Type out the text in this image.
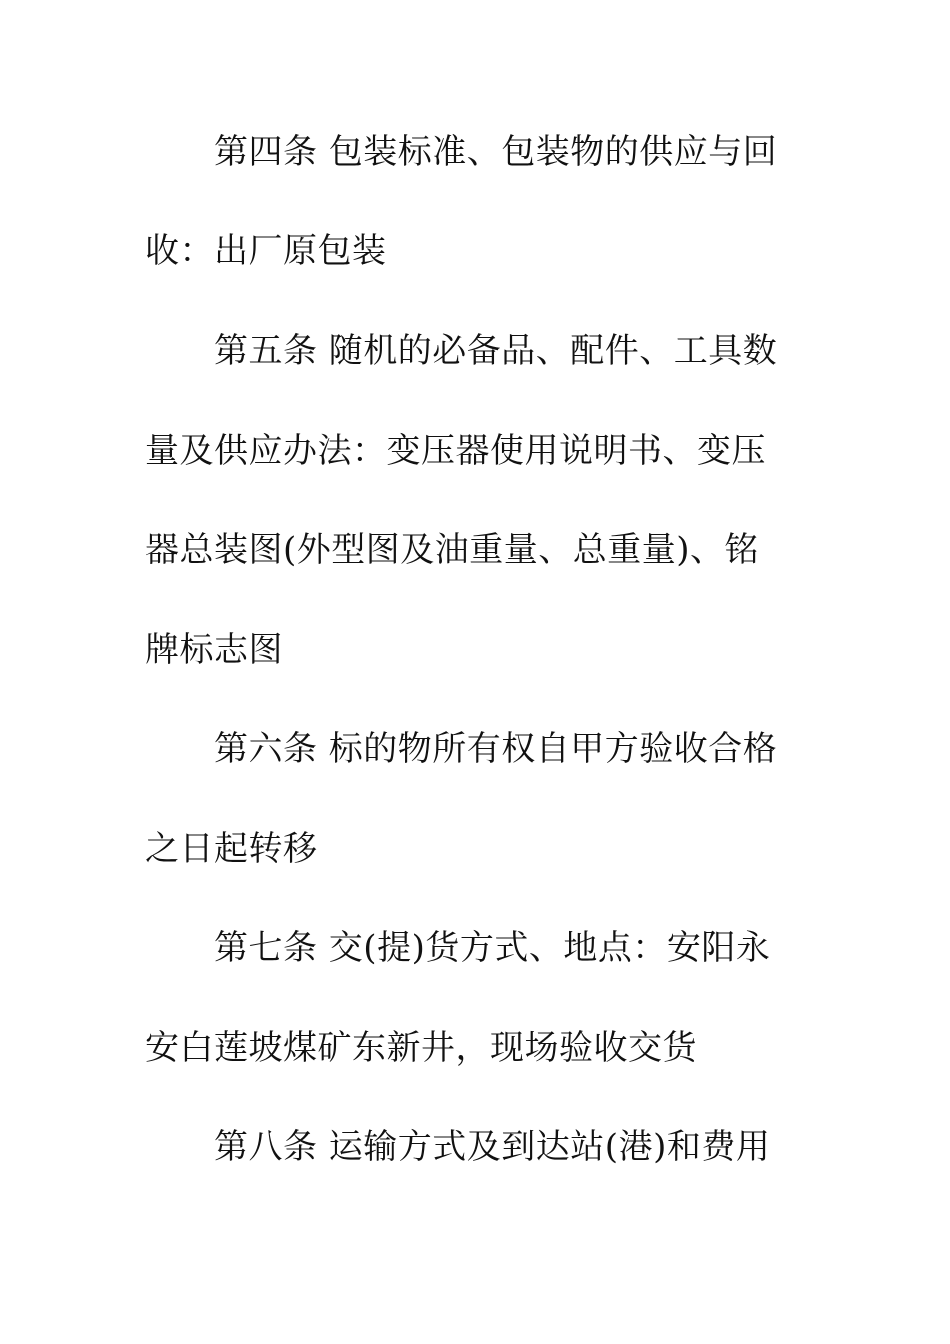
第四条 包装标准、包装物的供应与回
收：出厂原包装
第五条 随机的必备品、配件、工具数
量及供应办法：变压器使用说明书、变压
器总装图(外型图及油重量、总重量)、铭
牌标志图
第六条 标的物所有权自甲方验收合格
之日起转移
第七条 交(提)货方式、地点：安阳永
安白莲坡煤矿东新井，现场验收交货
第八条 运输方式及到达站(港)和费用
